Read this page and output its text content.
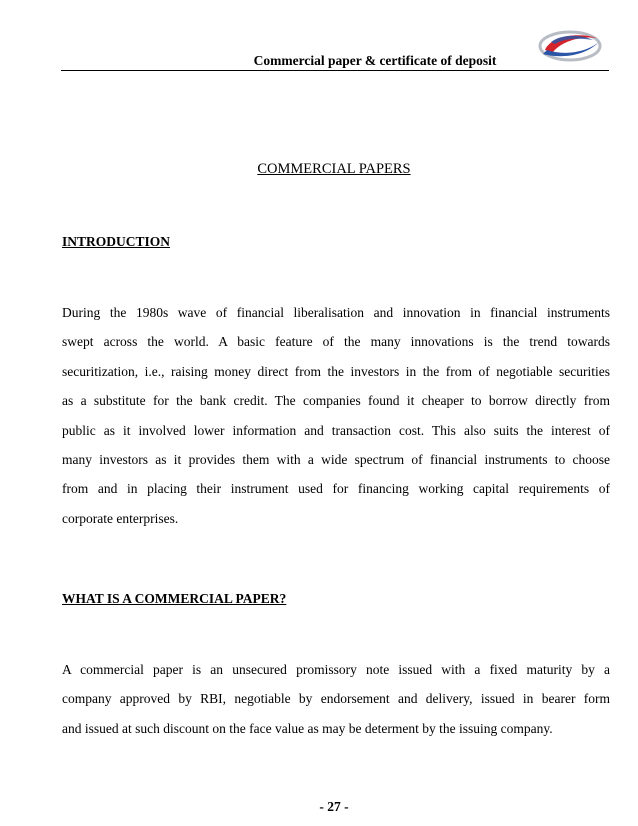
Commercial paper & certificate of deposit
COMMERCIAL PAPERS
INTRODUCTION
During the 1980s wave of financial liberalisation and innovation in financial instruments
swept across the world. A basic feature of the many innovations is the trend towards
securitization, i.e., raising money direct from the investors in the from of negotiable securities
as a substitute for the bank credit. The companies found it cheaper to borrow directly from
public as it involved lower information and transaction cost. This also suits the interest of
many investors as it provides them with a wide spectrum of financial instruments to choose
from and in placing their instrument used for financing working capital requirements of
corporate enterprises.
WHAT IS A COMMERCIAL PAPER?
A commercial paper is an unsecured promissory note issued with a fixed maturity by a
company approved by RBI, negotiable by endorsement and delivery, issued in bearer form
and issued at such discount on the face value as may be determent by the issuing company.
- 27 -
